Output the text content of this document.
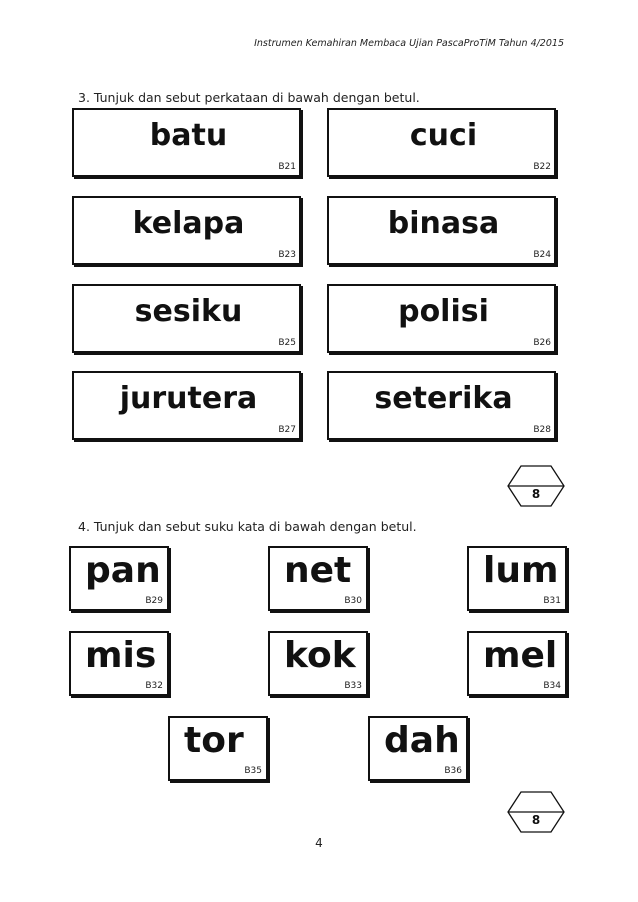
Instrumen Kemahiran Membaca Ujian PascaProTiM Tahun 4/2015
3. Tunjuk dan sebut perkataan di bawah dengan betul.
batu
B21
cuci
B22
kelapa
B23
binasa
B24
sesiku
B25
polisi
B26
jurutera
B27
seterika
B28
8
4. Tunjuk dan sebut suku kata di bawah dengan betul.
pan
B29
net
B30
lum
B31
mis
B32
kok
B33
mel
B34
tor
B35
dah
B36
8
4
